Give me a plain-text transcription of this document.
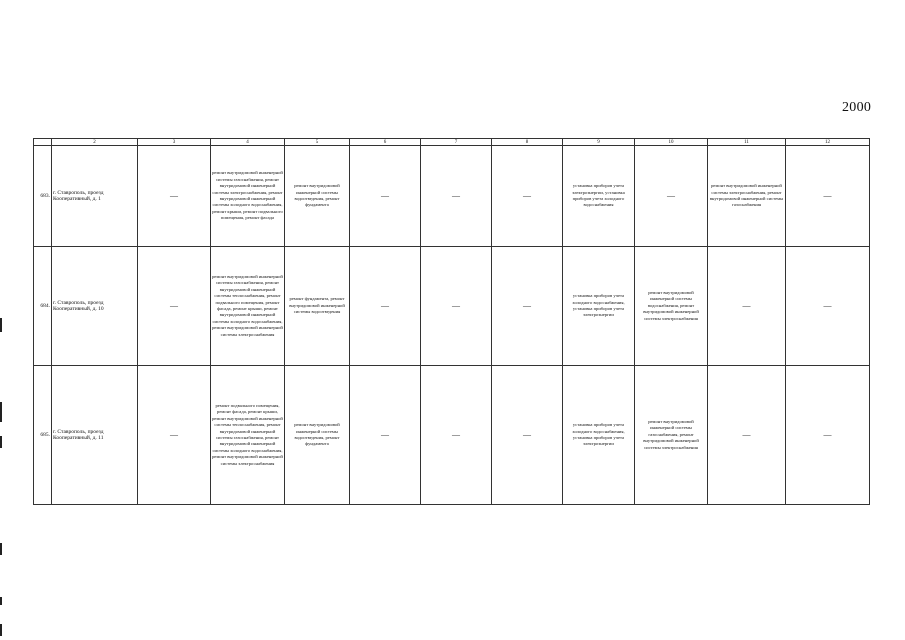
2000
	2	3	4	5	6	7	8	9	10	11	12
683.	г. Ставрополь, проезд Кооперативный, д. 1	—	ремонт внутридомовой инженерной системы газоснабжения, ремонт внутридомовой инженерной системы электроснабжения, ремонт внутридомовой инженерной системы холодного водоснабжения, ремонт крыши, ремонт подвального помещения, ремонт фасада	ремонт внутридомовой инженерной системы водоотведения, ремонт фундамента	—	—	—	установка приборов учета электроэнергии, установка приборов учета холодного водоснабжения	—	ремонт внутридомовой инженерной системы электроснабжения, ремонт внутридомовой инженерной системы газоснабжения	—
684.	г. Ставрополь, проезд Кооперативный, д. 10	—	ремонт внутридомовой инженерной системы газоснабжения, ремонт внутридомовой инженерной системы теплоснабжения, ремонт подвального помещения, ремонт фасада, ремонт крыши, ремонт внутридомовой инженерной системы холодного водоснабжения, ремонт внутридомовой инженерной системы электроснабжения	ремонт фундамента, ремонт внутридомовой инженерной системы водоотведения	—	—	—	установка приборов учета холодного водоснабжения, установка приборов учета электроэнергии	ремонт внутридомовой инженерной системы водоснабжения, ремонт внутридомовой инженерной системы электроснабжения	—	—
685.	г. Ставрополь, проезд Кооперативный, д. 11	—	ремонт подвального помещения, ремонт фасада, ремонт крыши, ремонт внутридомовой инженерной системы теплоснабжения, ремонт внутридомовой инженерной системы газоснабжения, ремонт внутридомовой инженерной системы холодного водоснабжения, ремонт внутридомовой инженерной системы электроснабжения	ремонт внутридомовой инженерной системы водоотведения, ремонт фундамента	—	—	—	установка приборов учета холодного водоснабжения, установка приборов учета электроэнергии	ремонт внутридомовой инженерной системы газоснабжения, ремонт внутридомовой инженерной системы электроснабжения	—	—
